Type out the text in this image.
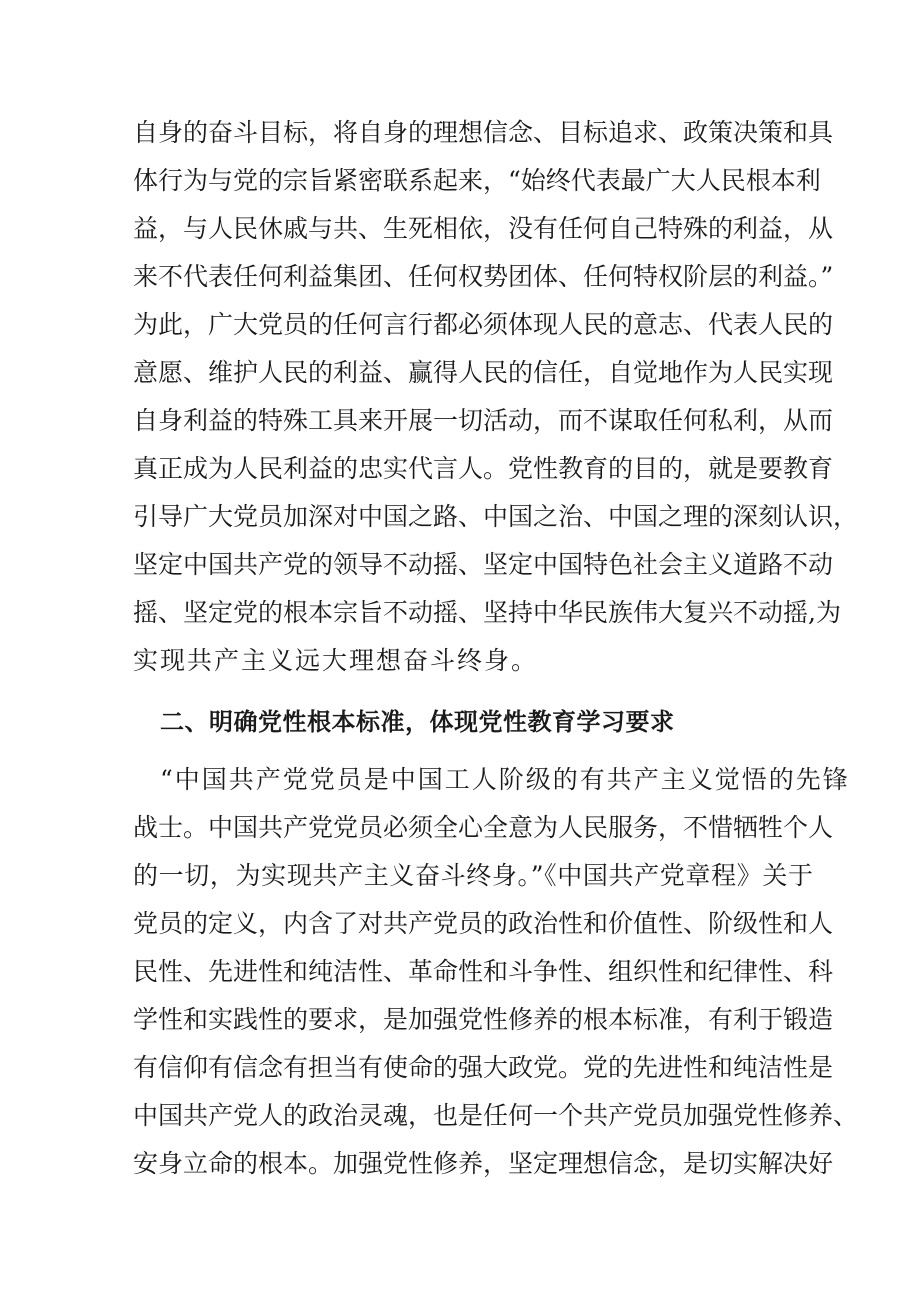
自身的奋斗目标，将自身的理想信念、目标追求、政策决策和具
体行为与党的宗旨紧密联系起来，“始终代表最广大人民根本利
益，与人民休戚与共、生死相依，没有任何自己特殊的利益，从
来不代表任何利益集团、任何权势团体、任何特权阶层的利益。”
为此，广大党员的任何言行都必须体现人民的意志、代表人民的
意愿、维护人民的利益、赢得人民的信任，自觉地作为人民实现
自身利益的特殊工具来开展一切活动，而不谋取任何私利，从而
真正成为人民利益的忠实代言人。党性教育的目的，就是要教育
引导广大党员加深对中国之路、中国之治、中国之理的深刻认识，
坚定中国共产党的领导不动摇、坚定中国特色社会主义道路不动
摇、坚定党的根本宗旨不动摇、坚持中华民族伟大复兴不动摇,为
实现共产主义远大理想奋斗终身。
二、明确党性根本标准，体现党性教育学习要求
“中国共产党党员是中国工人阶级的有共产主义觉悟的先锋
战士。中国共产党党员必须全心全意为人民服务，不惜牺牲个人
的一切，为实现共产主义奋斗终身。”《中国共产党章程》关于
党员的定义，内含了对共产党员的政治性和价值性、阶级性和人
民性、先进性和纯洁性、革命性和斗争性、组织性和纪律性、科
学性和实践性的要求，是加强党性修养的根本标准，有利于锻造
有信仰有信念有担当有使命的强大政党。党的先进性和纯洁性是
中国共产党人的政治灵魂，也是任何一个共产党员加强党性修养、
安身立命的根本。加强党性修养，坚定理想信念，是切实解决好
